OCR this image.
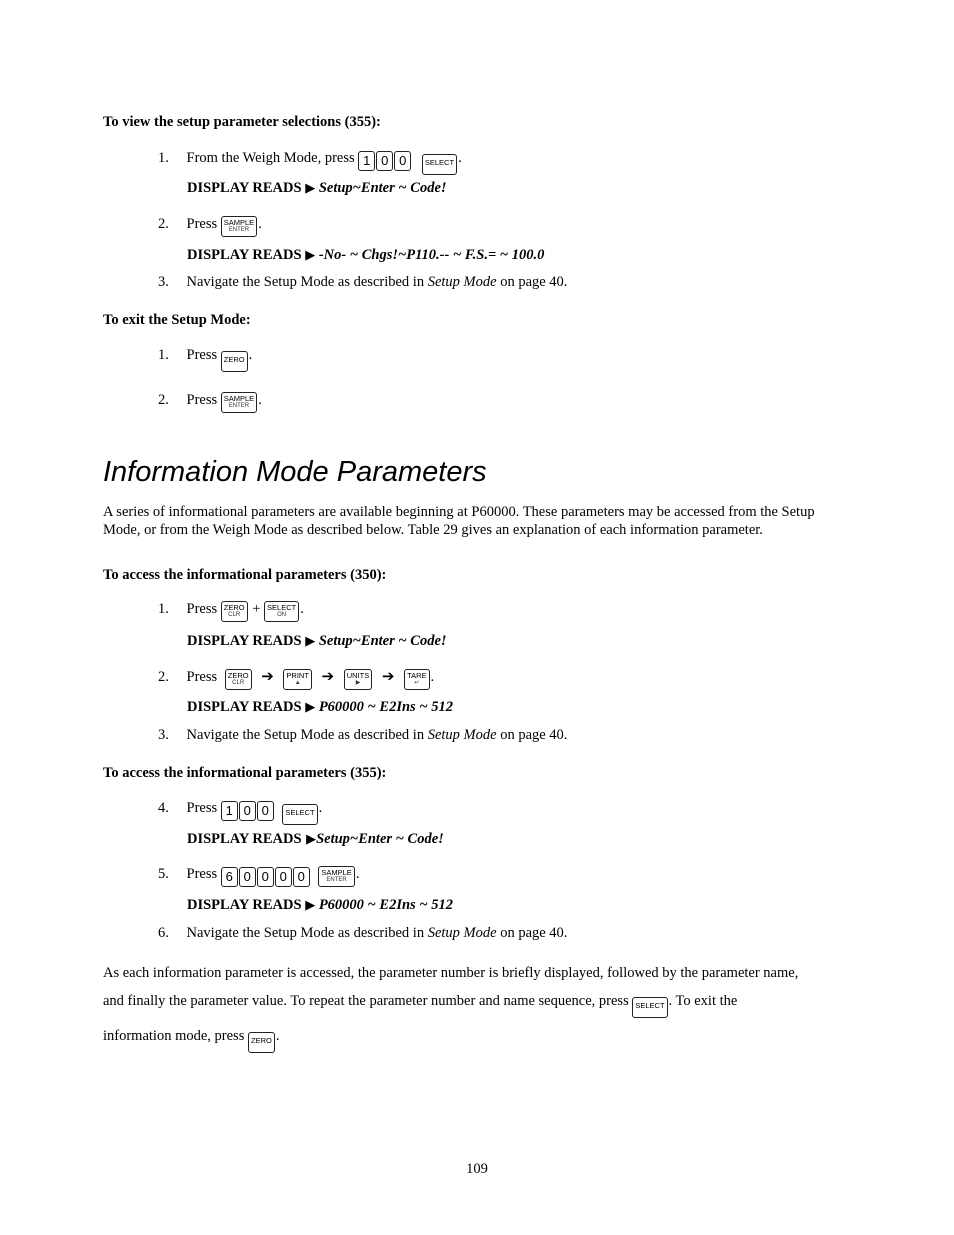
To view the setup parameter selections (355):
1. From the Weigh Mode, press 1 0 0 SELECT .
DISPLAY READS ▶ Setup~Enter ~ Code!
2. Press SAMPLE
ENTER .
DISPLAY READS ▶ -No- ~ Chgs!~P110.-- ~ F.S.= ~ 100.0
3. Navigate the Setup Mode as described in Setup Mode on page 40.
To exit the Setup Mode:
1. Press ZERO .
2. Press SAMPLE
ENTER .
Information Mode Parameters
A series of informational parameters are available beginning at P60000. These parameters may be accessed from the Setup Mode, or from the Weigh Mode as described below. Table 29 gives an explanation of each information parameter.
To access the informational parameters (350):
1. Press ZERO
CLR + SELECT
ON .
DISPLAY READS ▶ Setup~Enter ~ Code!
2. Press ZERO
CLR ➔ PRINT
▲	➔ UNITS
▶	➔ TARE
↵ .
DISPLAY READS ▶ P60000 ~ E2Ins ~ 512
3. Navigate the Setup Mode as described in Setup Mode on page 40.
To access the informational parameters (355):
4. Press 1 0 0 SELECT .
DISPLAY READS ▶Setup~Enter ~ Code!
5. Press 6 0 0 0 0 SAMPLE
ENTER .
DISPLAY READS ▶ P60000 ~ E2Ins ~ 512
6. Navigate the Setup Mode as described in Setup Mode on page 40.
As each information parameter is accessed, the parameter number is briefly displayed, followed by the parameter name,
and finally the parameter value. To repeat the parameter number and name sequence, press SELECT . To exit the
information mode, press ZERO .
109
